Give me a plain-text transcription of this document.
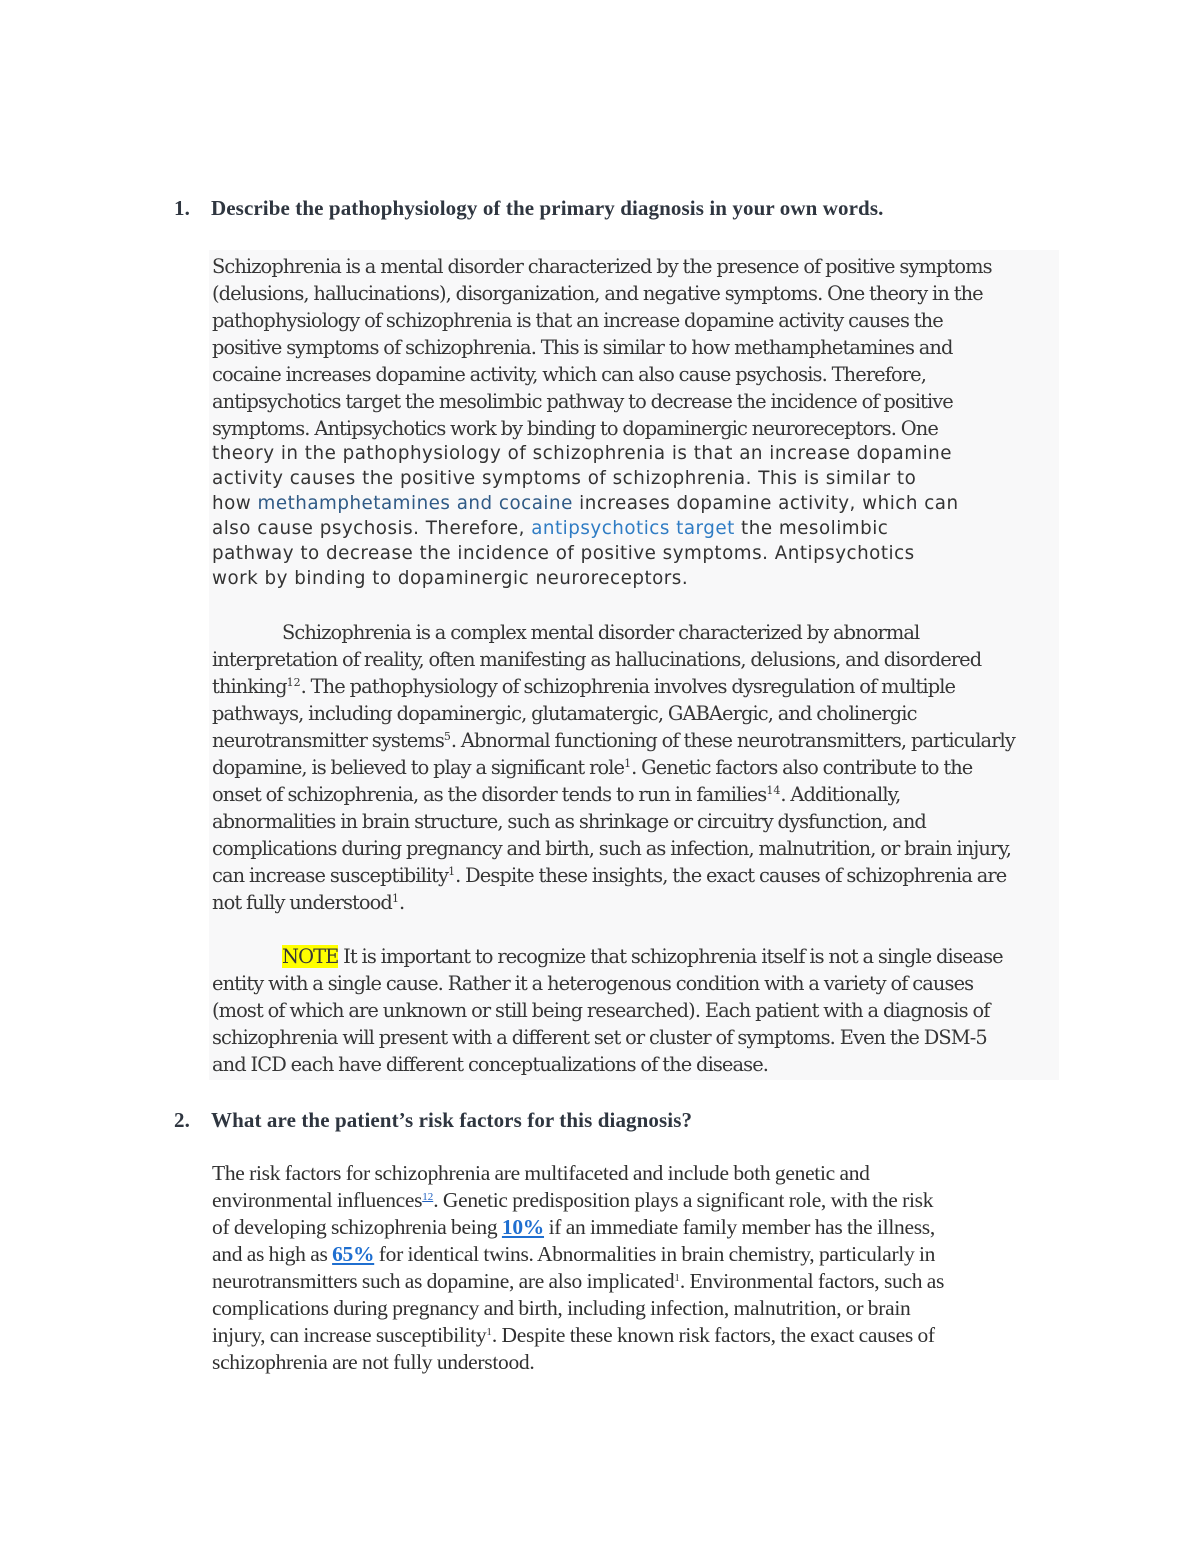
1. Describe the pathophysiology of the primary diagnosis in your own words.
Schizophrenia is a mental disorder characterized by the presence of positive symptoms
(delusions, hallucinations), disorganization, and negative symptoms. One theory in the
pathophysiology of schizophrenia is that an increase dopamine activity causes the
positive symptoms of schizophrenia. This is similar to how methamphetamines and
cocaine increases dopamine activity, which can also cause psychosis. Therefore,
antipsychotics target the mesolimbic pathway to decrease the incidence of positive
symptoms. Antipsychotics work by binding to dopaminergic neuroreceptors. One
theory in the pathophysiology of schizophrenia is that an increase dopamine
activity causes the positive symptoms of schizophrenia. This is similar to
how methamphetamines and cocaine increases dopamine activity, which can
also cause psychosis. Therefore, antipsychotics target the mesolimbic
pathway to decrease the incidence of positive symptoms. Antipsychotics
work by binding to dopaminergic neuroreceptors.
Schizophrenia is a complex mental disorder characterized by abnormal
interpretation of reality, often manifesting as hallucinations, delusions, and disordered
thinking$^{12}$. The pathophysiology of schizophrenia involves dysregulation of multiple
pathways, including dopaminergic, glutamatergic, GABAergic, and cholinergic
neurotransmitter systems$^5$. Abnormal functioning of these neurotransmitters, particularly
dopamine, is believed to play a significant role$^1$. Genetic factors also contribute to the
onset of schizophrenia, as the disorder tends to run in families$^{14}$. Additionally,
abnormalities in brain structure, such as shrinkage or circuitry dysfunction, and
complications during pregnancy and birth, such as infection, malnutrition, or brain injury,
can increase susceptibility$^1$. Despite these insights, the exact causes of schizophrenia are
not fully understood$^1$.
NOTE It is important to recognize that schizophrenia itself is not a single disease
entity with a single cause. Rather it a heterogenous condition with a variety of causes
(most of which are unknown or still being researched). Each patient with a diagnosis of
schizophrenia will present with a different set or cluster of symptoms. Even the DSM-5
and ICD each have different conceptualizations of the disease.
2. What are the patient’s risk factors for this diagnosis?
The risk factors for schizophrenia are multifaceted and include both genetic and
environmental influences$^{12}$. Genetic predisposition plays a significant role, with the risk
of developing schizophrenia being 10% if an immediate family member has the illness,
and as high as 65% for identical twins. Abnormalities in brain chemistry, particularly in
neurotransmitters such as dopamine, are also implicated$^1$. Environmental factors, such as
complications during pregnancy and birth, including infection, malnutrition, or brain
injury, can increase susceptibility$^1$. Despite these known risk factors, the exact causes of
schizophrenia are not fully understood.
